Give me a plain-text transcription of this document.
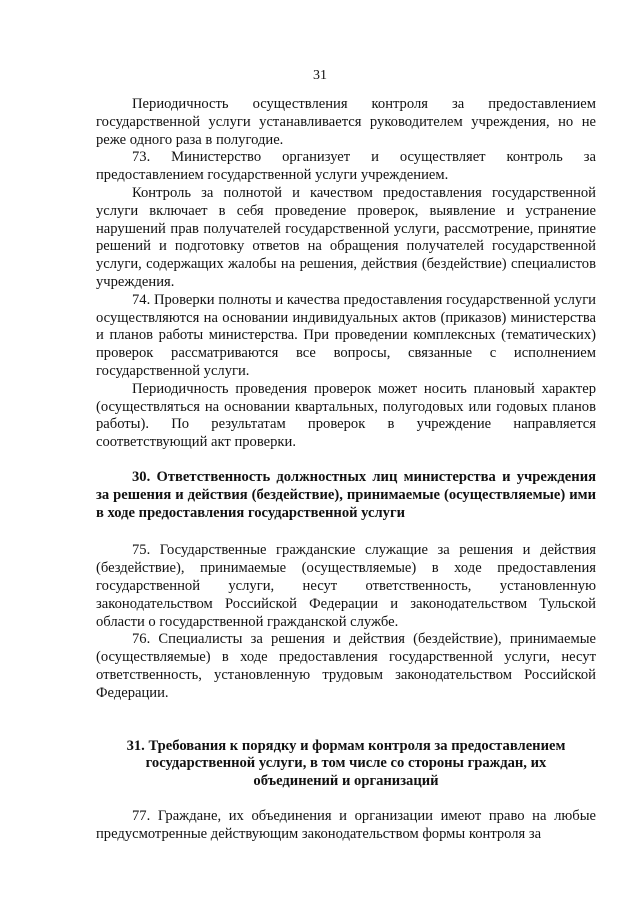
31

Периодичность осуществления контроля за предоставлением государственной услуги устанавливается руководителем учреждения, но не реже одного раза в полугодие.

73. Министерство организует и осуществляет контроль за предоставлением государственной услуги учреждением.

Контроль за полнотой и качеством предоставления государственной услуги включает в себя проведение проверок, выявление и устранение нарушений прав получателей государственной услуги, рассмотрение, принятие решений и подготовку ответов на обращения получателей государственной услуги, содержащих жалобы на решения, действия (бездействие) специалистов учреждения.

74. Проверки полноты и качества предоставления государственной услуги осуществляются на основании индивидуальных актов (приказов) министерства и планов работы министерства. При проведении комплексных (тематических) проверок рассматриваются все вопросы, связанные с исполнением государственной услуги.

Периодичность проведения проверок может носить плановый характер (осуществляться на основании квартальных, полугодовых или годовых планов работы). По результатам проверок в учреждение направляется соответствующий акт проверки.

30. Ответственность должностных лиц министерства и учреждения за решения и действия (бездействие), принимаемые (осуществляемые) ими в ходе предоставления государственной услуги

75. Государственные гражданские служащие за решения и действия (бездействие), принимаемые (осуществляемые) в ходе предоставления государственной услуги, несут ответственность, установленную законодательством Российской Федерации и законодательством Тульской области о государственной гражданской службе.

76. Специалисты за решения и действия (бездействие), принимаемые (осуществляемые) в ходе предоставления государственной услуги, несут ответственность, установленную трудовым законодательством Российской Федерации.

31. Требования к порядку и формам контроля за предоставлением государственной услуги, в том числе со стороны граждан, их объединений и организаций

77. Граждане, их объединения и организации имеют право на любые предусмотренные действующим законодательством формы контроля за
